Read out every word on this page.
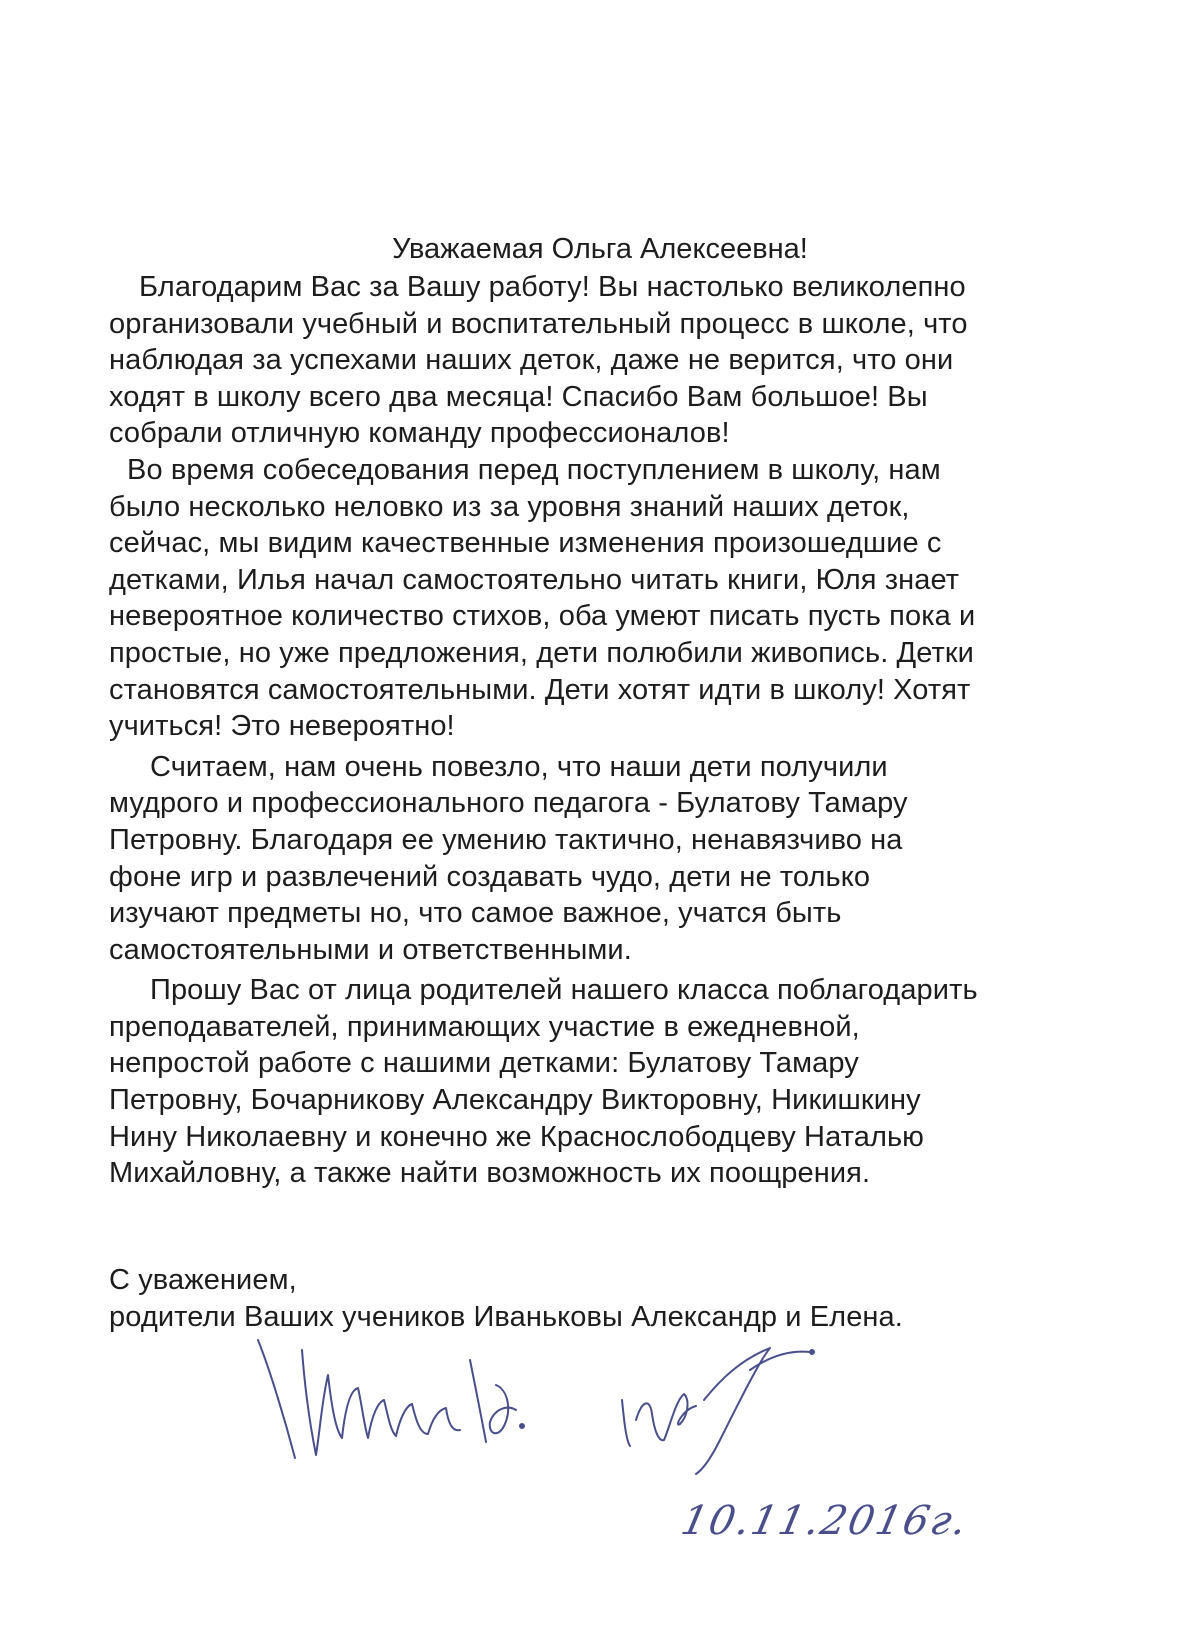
Уважаемая Ольга Алексеевна!
Благодарим Вас за Вашу работу! Вы настолько великолепно
организовали учебный и воспитательный процесс в школе, что
наблюдая за успехами наших деток, даже не верится, что они
ходят в школу всего два месяца! Спасибо Вам большое! Вы
собрали отличную команду профессионалов!
Во время собеседования перед поступлением в школу, нам
было несколько неловко из за уровня знаний наших деток,
сейчас, мы видим качественные изменения произошедшие с
детками, Илья начал самостоятельно читать книги, Юля знает
невероятное количество стихов, оба умеют писать пусть пока и
простые, но уже предложения, дети полюбили живопись. Детки
становятся самостоятельными. Дети хотят идти в школу! Хотят
учиться! Это невероятно!
Считаем, нам очень повезло, что наши дети получили
мудрого и профессионального педагога - Булатову Тамару
Петровну. Благодаря ее умению тактично, ненавязчиво на
фоне игр и развлечений создавать чудо, дети не только
изучают предметы но, что самое важное, учатся быть
самостоятельными и ответственными.
Прошу Вас от лица родителей нашего класса поблагодарить
преподавателей, принимающих участие в ежедневной,
непростой работе с нашими детками: Булатову Тамару
Петровну, Бочарникову Александру Викторовну, Никишкину
Нину Николаевну и конечно же Краснослободцеву Наталью
Михайловну, а также найти возможность их поощрения.
С уважением,
родители Ваших учеников Иваньковы Александр и Елена.
10.11.2016г.
